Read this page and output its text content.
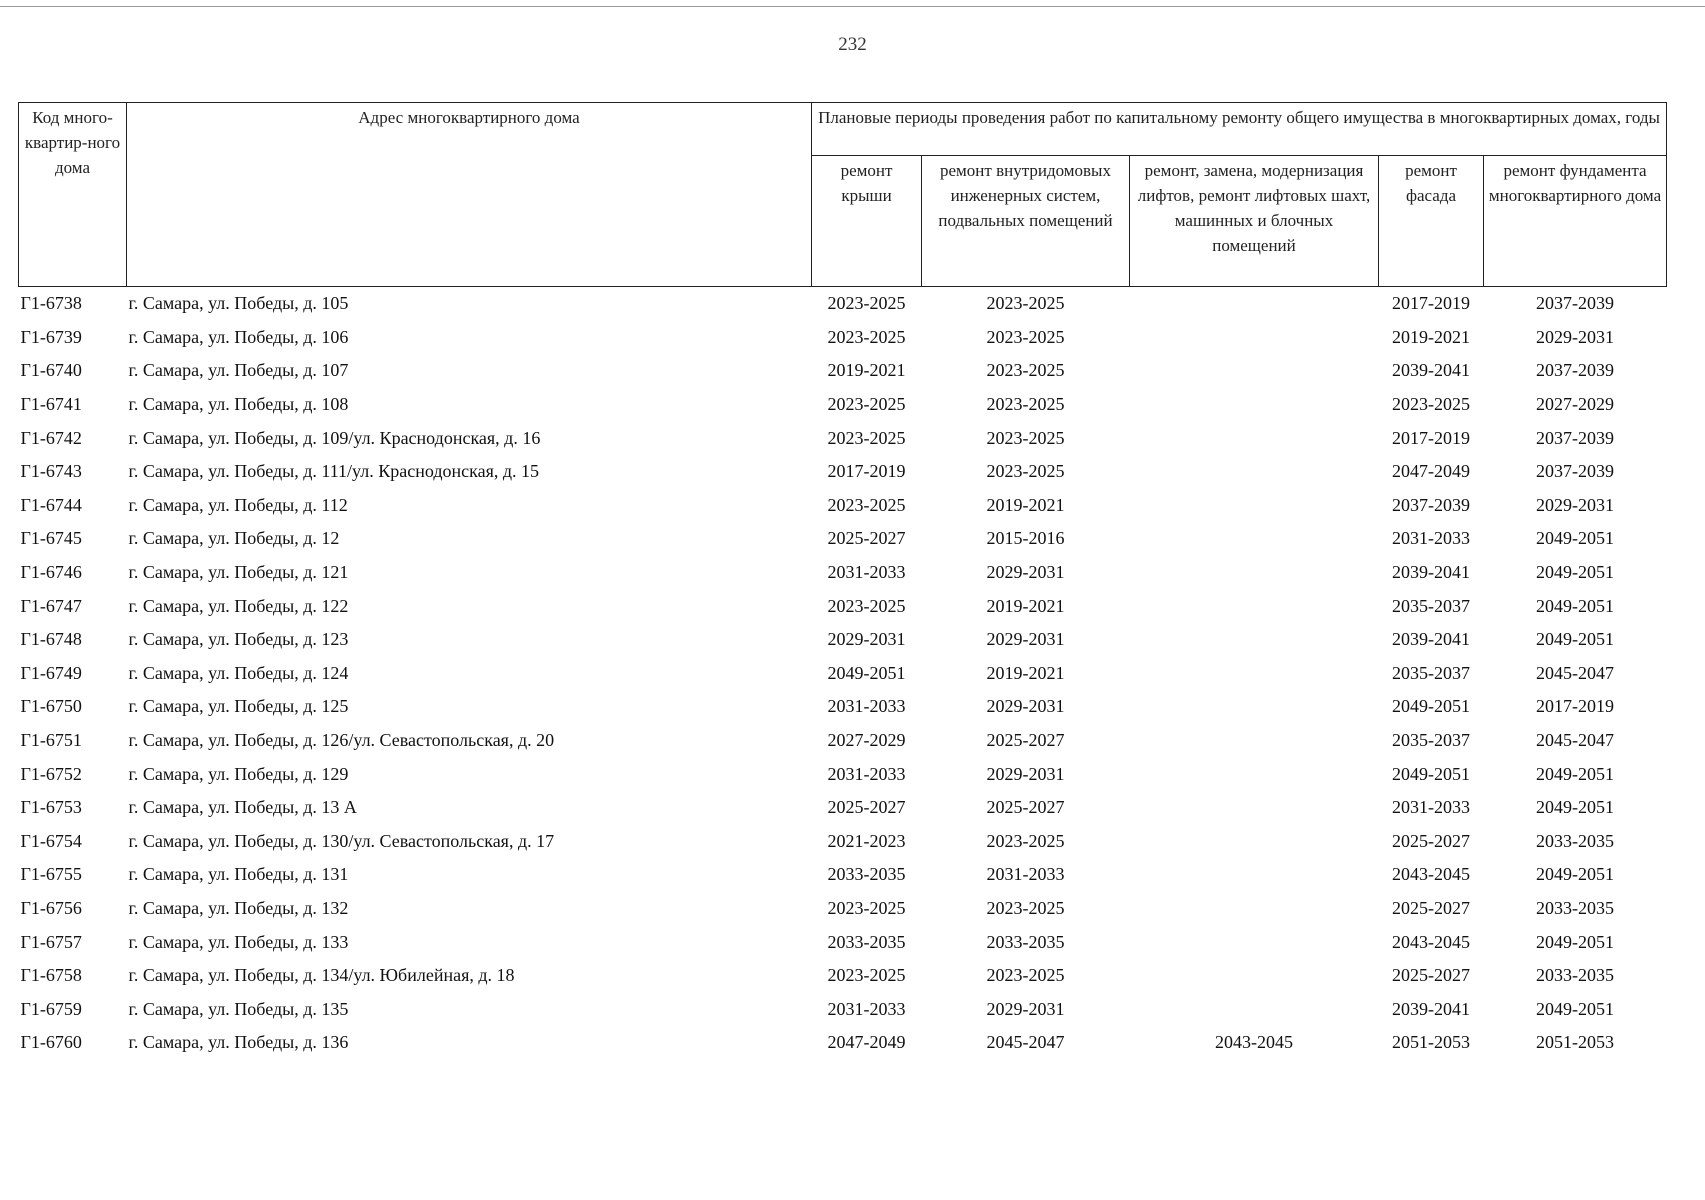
232
Код много-квартир-ного дома	Адрес многоквартирного дома	Плановые периоды проведения работ по капитальному ремонту общего имущества в многоквартирных домах, годы				
		ремонт крыши	ремонт внутридомовых инженерных систем, подвальных помещений	ремонт, замена, модернизация лифтов, ремонт лифтовых шахт, машинных и блочных помещений	ремонт фасада	ремонт фундамента многоквартирного дома
Г1-6738	г. Самара, ул. Победы, д. 105	2023-2025	2023-2025		2017-2019	2037-2039
Г1-6739	г. Самара, ул. Победы, д. 106	2023-2025	2023-2025		2019-2021	2029-2031
Г1-6740	г. Самара, ул. Победы, д. 107	2019-2021	2023-2025		2039-2041	2037-2039
Г1-6741	г. Самара, ул. Победы, д. 108	2023-2025	2023-2025		2023-2025	2027-2029
Г1-6742	г. Самара, ул. Победы, д. 109/ул. Краснодонская, д. 16	2023-2025	2023-2025		2017-2019	2037-2039
Г1-6743	г. Самара, ул. Победы, д. 111/ул. Краснодонская, д. 15	2017-2019	2023-2025		2047-2049	2037-2039
Г1-6744	г. Самара, ул. Победы, д. 112	2023-2025	2019-2021		2037-2039	2029-2031
Г1-6745	г. Самара, ул. Победы, д. 12	2025-2027	2015-2016		2031-2033	2049-2051
Г1-6746	г. Самара, ул. Победы, д. 121	2031-2033	2029-2031		2039-2041	2049-2051
Г1-6747	г. Самара, ул. Победы, д. 122	2023-2025	2019-2021		2035-2037	2049-2051
Г1-6748	г. Самара, ул. Победы, д. 123	2029-2031	2029-2031		2039-2041	2049-2051
Г1-6749	г. Самара, ул. Победы, д. 124	2049-2051	2019-2021		2035-2037	2045-2047
Г1-6750	г. Самара, ул. Победы, д. 125	2031-2033	2029-2031		2049-2051	2017-2019
Г1-6751	г. Самара, ул. Победы, д. 126/ул. Севастопольская, д. 20	2027-2029	2025-2027		2035-2037	2045-2047
Г1-6752	г. Самара, ул. Победы, д. 129	2031-2033	2029-2031		2049-2051	2049-2051
Г1-6753	г. Самара, ул. Победы, д. 13 А	2025-2027	2025-2027		2031-2033	2049-2051
Г1-6754	г. Самара, ул. Победы, д. 130/ул. Севастопольская, д. 17	2021-2023	2023-2025		2025-2027	2033-2035
Г1-6755	г. Самара, ул. Победы, д. 131	2033-2035	2031-2033		2043-2045	2049-2051
Г1-6756	г. Самара, ул. Победы, д. 132	2023-2025	2023-2025		2025-2027	2033-2035
Г1-6757	г. Самара, ул. Победы, д. 133	2033-2035	2033-2035		2043-2045	2049-2051
Г1-6758	г. Самара, ул. Победы, д. 134/ул. Юбилейная, д. 18	2023-2025	2023-2025		2025-2027	2033-2035
Г1-6759	г. Самара, ул. Победы, д. 135	2031-2033	2029-2031		2039-2041	2049-2051
Г1-6760	г. Самара, ул. Победы, д. 136	2047-2049	2045-2047	2043-2045	2051-2053	2051-2053
